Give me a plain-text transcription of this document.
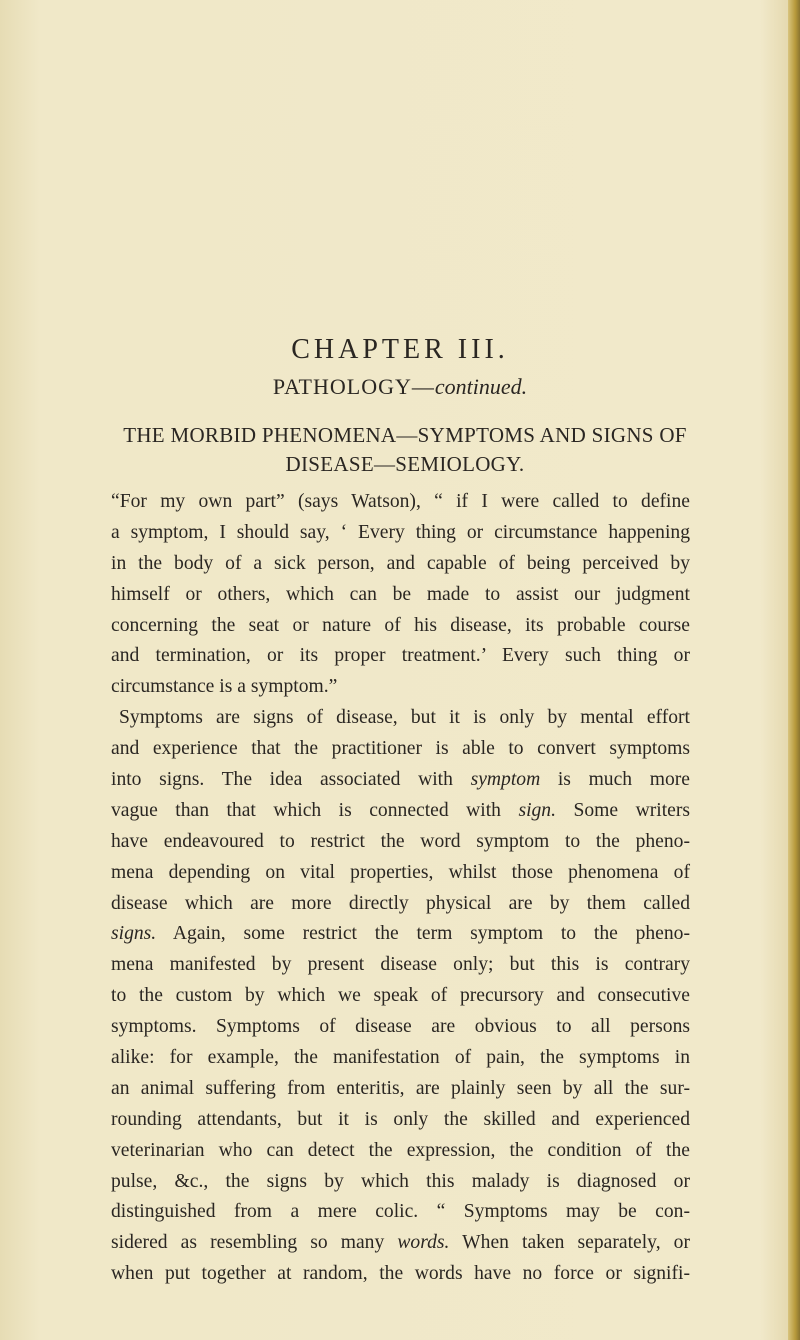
CHAPTER III.
PATHOLOGY—continued.
THE MORBID PHENOMENA—SYMPTOMS AND SIGNS OF
DISEASE—SEMIOLOGY.
“For my own part” (says Watson), “ if I were called to define
a symptom, I should say, ‘ Every thing or circumstance happening
in the body of a sick person, and capable of being perceived by
himself or others, which can be made to assist our judgment
concerning the seat or nature of his disease, its probable course
and termination, or its proper treatment.’ Every such thing or
circumstance is a symptom.”
Symptoms are signs of disease, but it is only by mental effort
and experience that the practitioner is able to convert symptoms
into signs. The idea associated with symptom is much more
vague than that which is connected with sign. Some writers
have endeavoured to restrict the word symptom to the pheno-
mena depending on vital properties, whilst those phenomena of
disease which are more directly physical are by them called
signs. Again, some restrict the term symptom to the pheno-
mena manifested by present disease only; but this is contrary
to the custom by which we speak of precursory and consecutive
symptoms. Symptoms of disease are obvious to all persons
alike: for example, the manifestation of pain, the symptoms in
an animal suffering from enteritis, are plainly seen by all the sur-
rounding attendants, but it is only the skilled and experienced
veterinarian who can detect the expression, the condition of the
pulse, &c., the signs by which this malady is diagnosed or
distinguished from a mere colic. “ Symptoms may be con-
sidered as resembling so many words. When taken separately, or
when put together at random, the words have no force or signifi-
